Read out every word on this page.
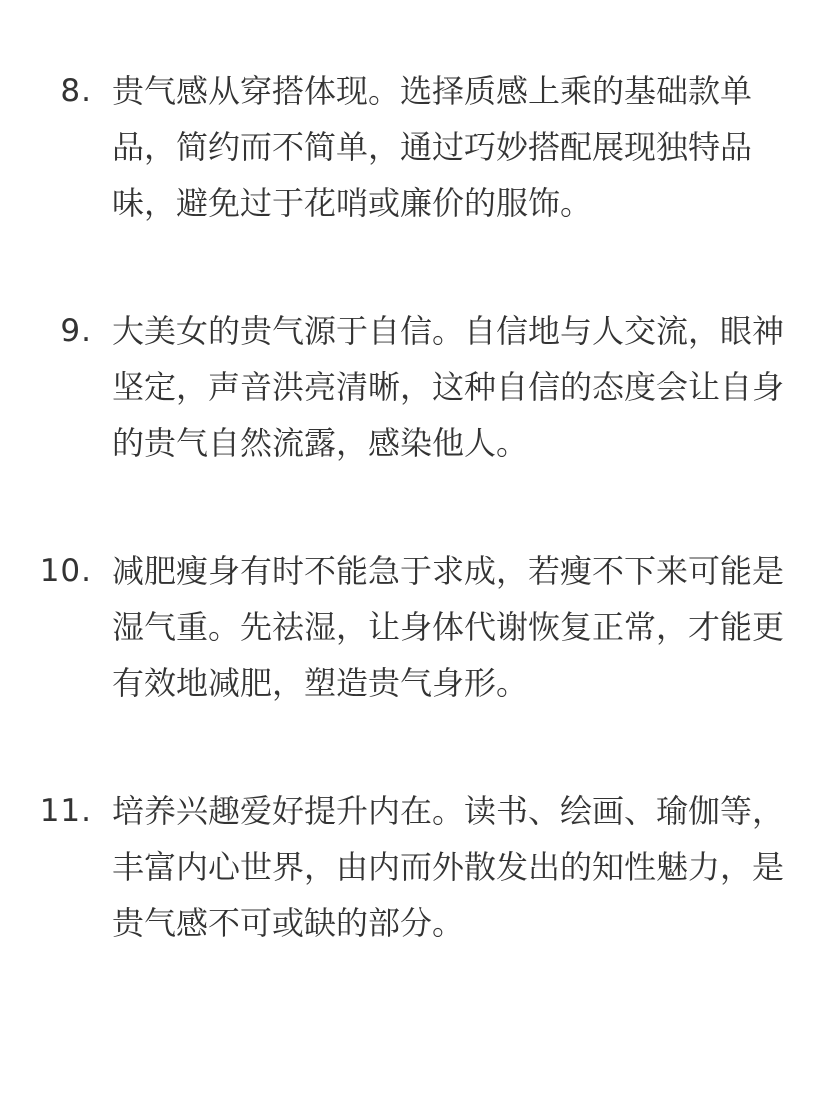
8. 贵气感从穿搭体现。选择质感上乘的基础款单
品，简约而不简单，通过巧妙搭配展现独特品
味，避免过于花哨或廉价的服饰。

9. 大美女的贵气源于自信。自信地与人交流，眼神
坚定，声音洪亮清晰，这种自信的态度会让自身
的贵气自然流露，感染他人。

10. 减肥瘦身有时不能急于求成，若瘦不下来可能是
湿气重。先祛湿，让身体代谢恢复正常，才能更
有效地减肥，塑造贵气身形。

11. 培养兴趣爱好提升内在。读书、绘画、瑜伽等，
丰富内心世界，由内而外散发出的知性魅力，是
贵气感不可或缺的部分。
